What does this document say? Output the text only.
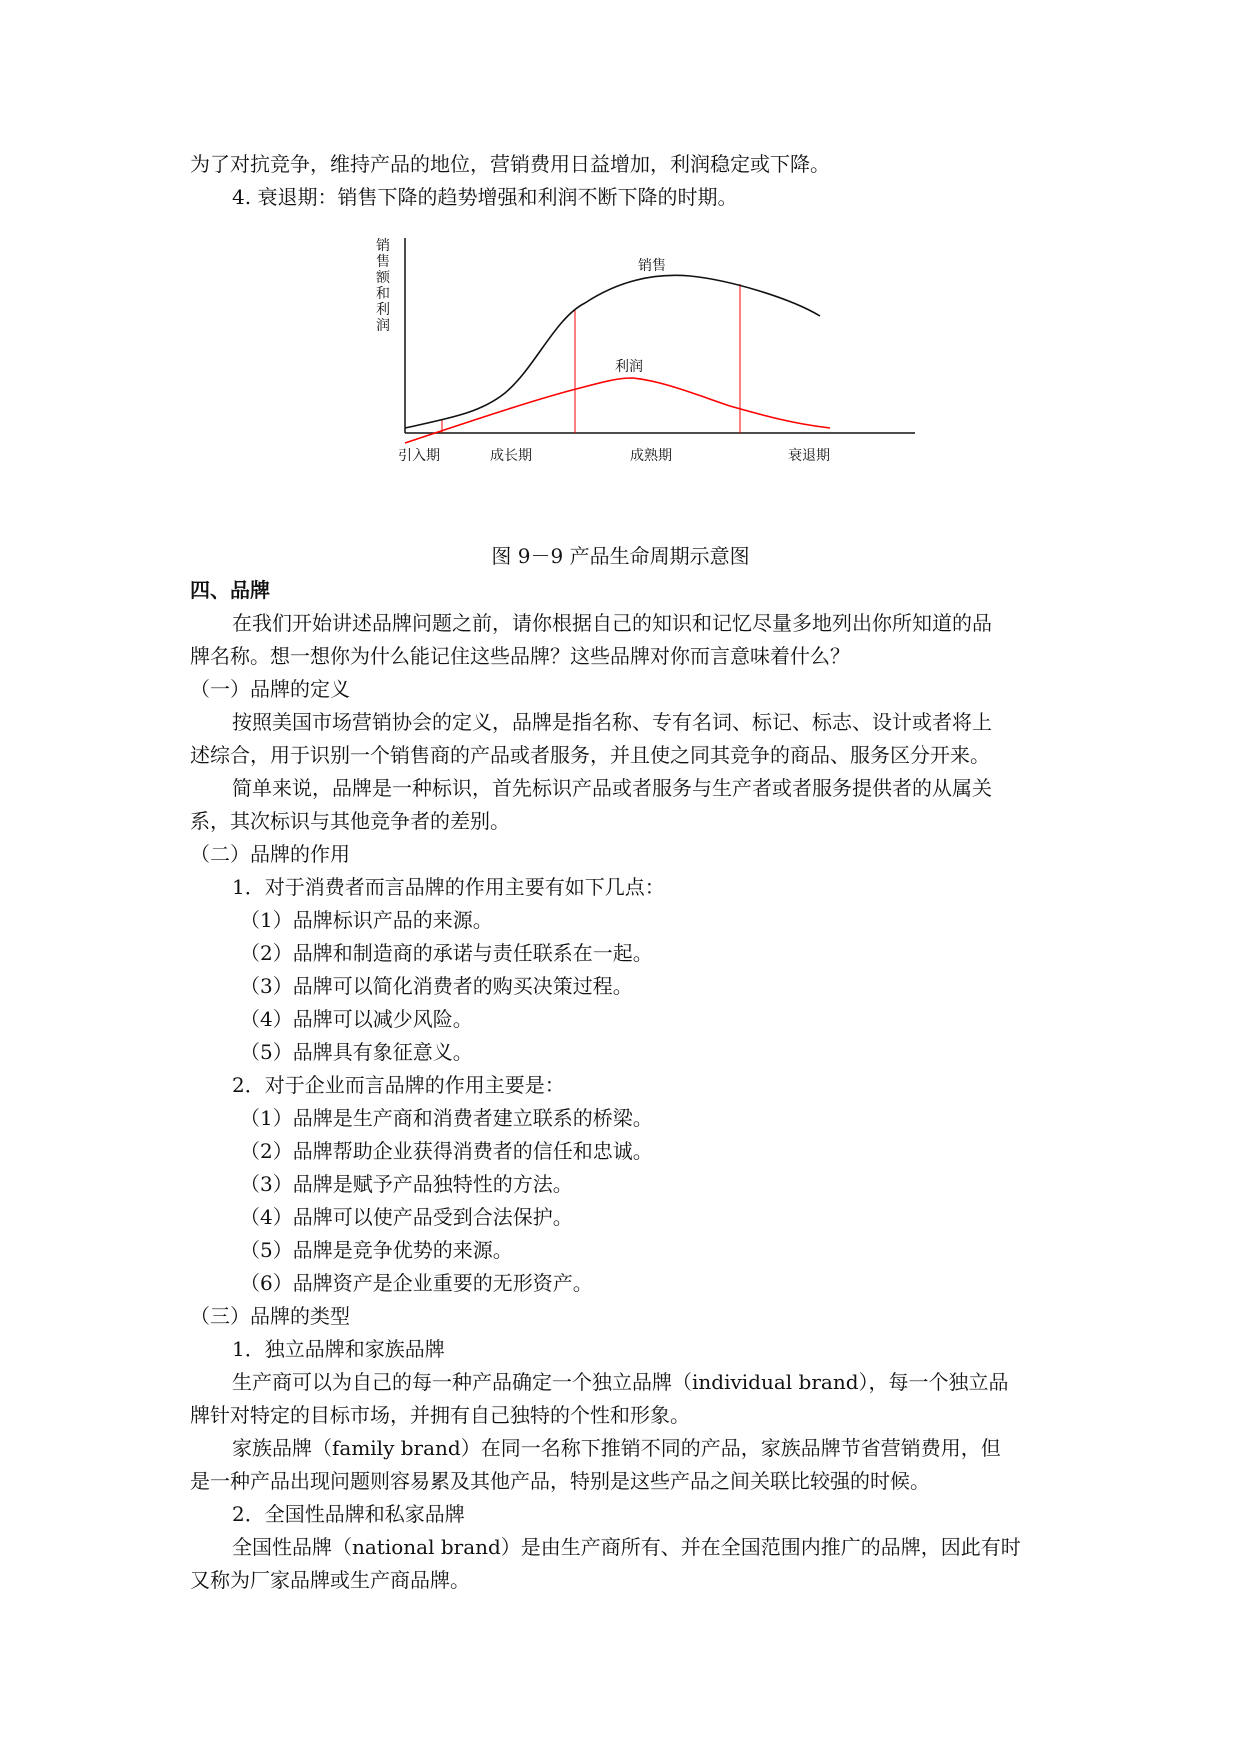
为了对抗竞争，维持产品的地位，营销费用日益增加，利润稳定或下降。
4. 衰退期：销售下降的趋势增强和利润不断下降的时期。
销 售 额 和 利 润
销售
利润
引入期	成长期	成熟期	衰退期
图 9－9 产品生命周期示意图
四、品牌
在我们开始讲述品牌问题之前，请你根据自己的知识和记忆尽量多地列出你所知道的品
牌名称。想一想你为什么能记住这些品牌？这些品牌对你而言意味着什么？
（一）品牌的定义
按照美国市场营销协会的定义，品牌是指名称、专有名词、标记、标志、设计或者将上
述综合，用于识别一个销售商的产品或者服务，并且使之同其竞争的商品、服务区分开来。
简单来说，品牌是一种标识，首先标识产品或者服务与生产者或者服务提供者的从属关
系，其次标识与其他竞争者的差别。
（二）品牌的作用
1．对于消费者而言品牌的作用主要有如下几点：
（1）品牌标识产品的来源。
（2）品牌和制造商的承诺与责任联系在一起。
（3）品牌可以简化消费者的购买决策过程。
（4）品牌可以减少风险。
（5）品牌具有象征意义。
2．对于企业而言品牌的作用主要是：
（1）品牌是生产商和消费者建立联系的桥梁。
（2）品牌帮助企业获得消费者的信任和忠诚。
（3）品牌是赋予产品独特性的方法。
（4）品牌可以使产品受到合法保护。
（5）品牌是竞争优势的来源。
（6）品牌资产是企业重要的无形资产。
（三）品牌的类型
1．独立品牌和家族品牌
生产商可以为自己的每一种产品确定一个独立品牌（individual brand），每一个独立品
牌针对特定的目标市场，并拥有自己独特的个性和形象。
家族品牌（family brand）在同一名称下推销不同的产品，家族品牌节省营销费用，但
是一种产品出现问题则容易累及其他产品，特别是这些产品之间关联比较强的时候。
2．全国性品牌和私家品牌
全国性品牌（national brand）是由生产商所有、并在全国范围内推广的品牌，因此有时
又称为厂家品牌或生产商品牌。
